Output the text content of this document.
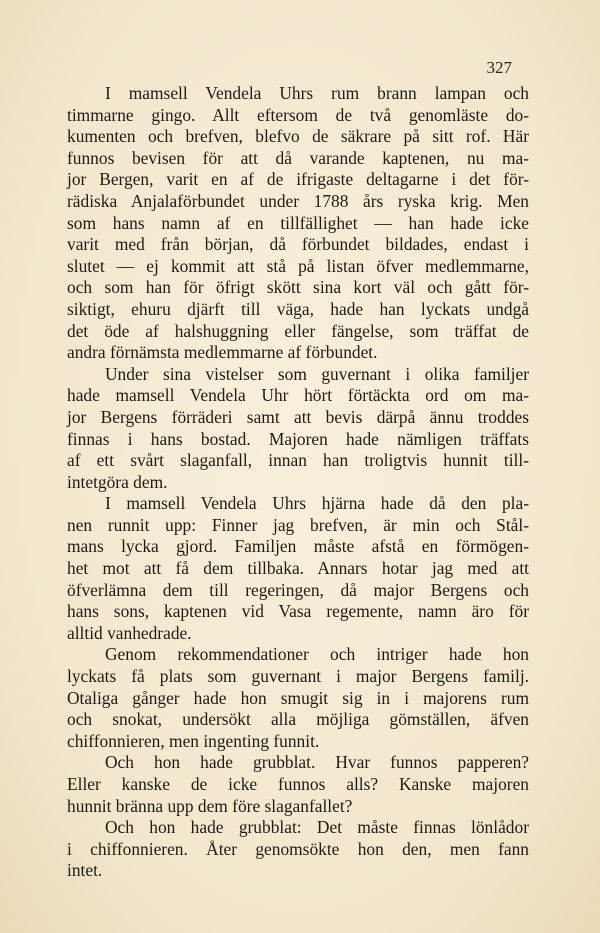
327
I mamsell Vendela Uhrs rum brann lampan och
timmarne gingo. Allt eftersom de två genomläste do-
kumenten och brefven, blefvo de säkrare på sitt rof. Här
funnos bevisen för att då varande kaptenen, nu ma-
jor Bergen, varit en af de ifrigaste deltagarne i det för-
rädiska Anjalaförbundet under 1788 års ryska krig. Men
som hans namn af en tillfällighet — han hade icke
varit med från början, då förbundet bildades, endast i
slutet — ej kommit att stå på listan öfver medlemmarne,
och som han för öfrigt skött sina kort väl och gått för-
siktigt, ehuru djärft till väga, hade han lyckats undgå
det öde af halshuggning eller fängelse, som träffat de
andra förnämsta medlemmarne af förbundet.
Under sina vistelser som guvernant i olika familjer
hade mamsell Vendela Uhr hört förtäckta ord om ma-
jor Bergens förräderi samt att bevis därpå ännu troddes
finnas i hans bostad. Majoren hade nämligen träffats
af ett svårt slaganfall, innan han troligtvis hunnit till-
intetgöra dem.
I mamsell Vendela Uhrs hjärna hade då den pla-
nen runnit upp: Finner jag brefven, är min och Stål-
mans lycka gjord. Familjen måste afstå en förmögen-
het mot att få dem tillbaka. Annars hotar jag med att
öfverlämna dem till regeringen, då major Bergens och
hans sons, kaptenen vid Vasa regemente, namn äro för
alltid vanhedrade.
Genom rekommendationer och intriger hade hon
lyckats få plats som guvernant i major Bergens familj.
Otaliga gånger hade hon smugit sig in i majorens rum
och snokat, undersökt alla möjliga gömställen, äfven
chiffonnieren, men ingenting funnit.
Och hon hade grubblat. Hvar funnos papperen?
Eller kanske de icke funnos alls? Kanske majoren
hunnit bränna upp dem före slaganfallet?
Och hon hade grubblat: Det måste finnas lönlådor
i chiffonnieren. Åter genomsökte hon den, men fann
intet.
